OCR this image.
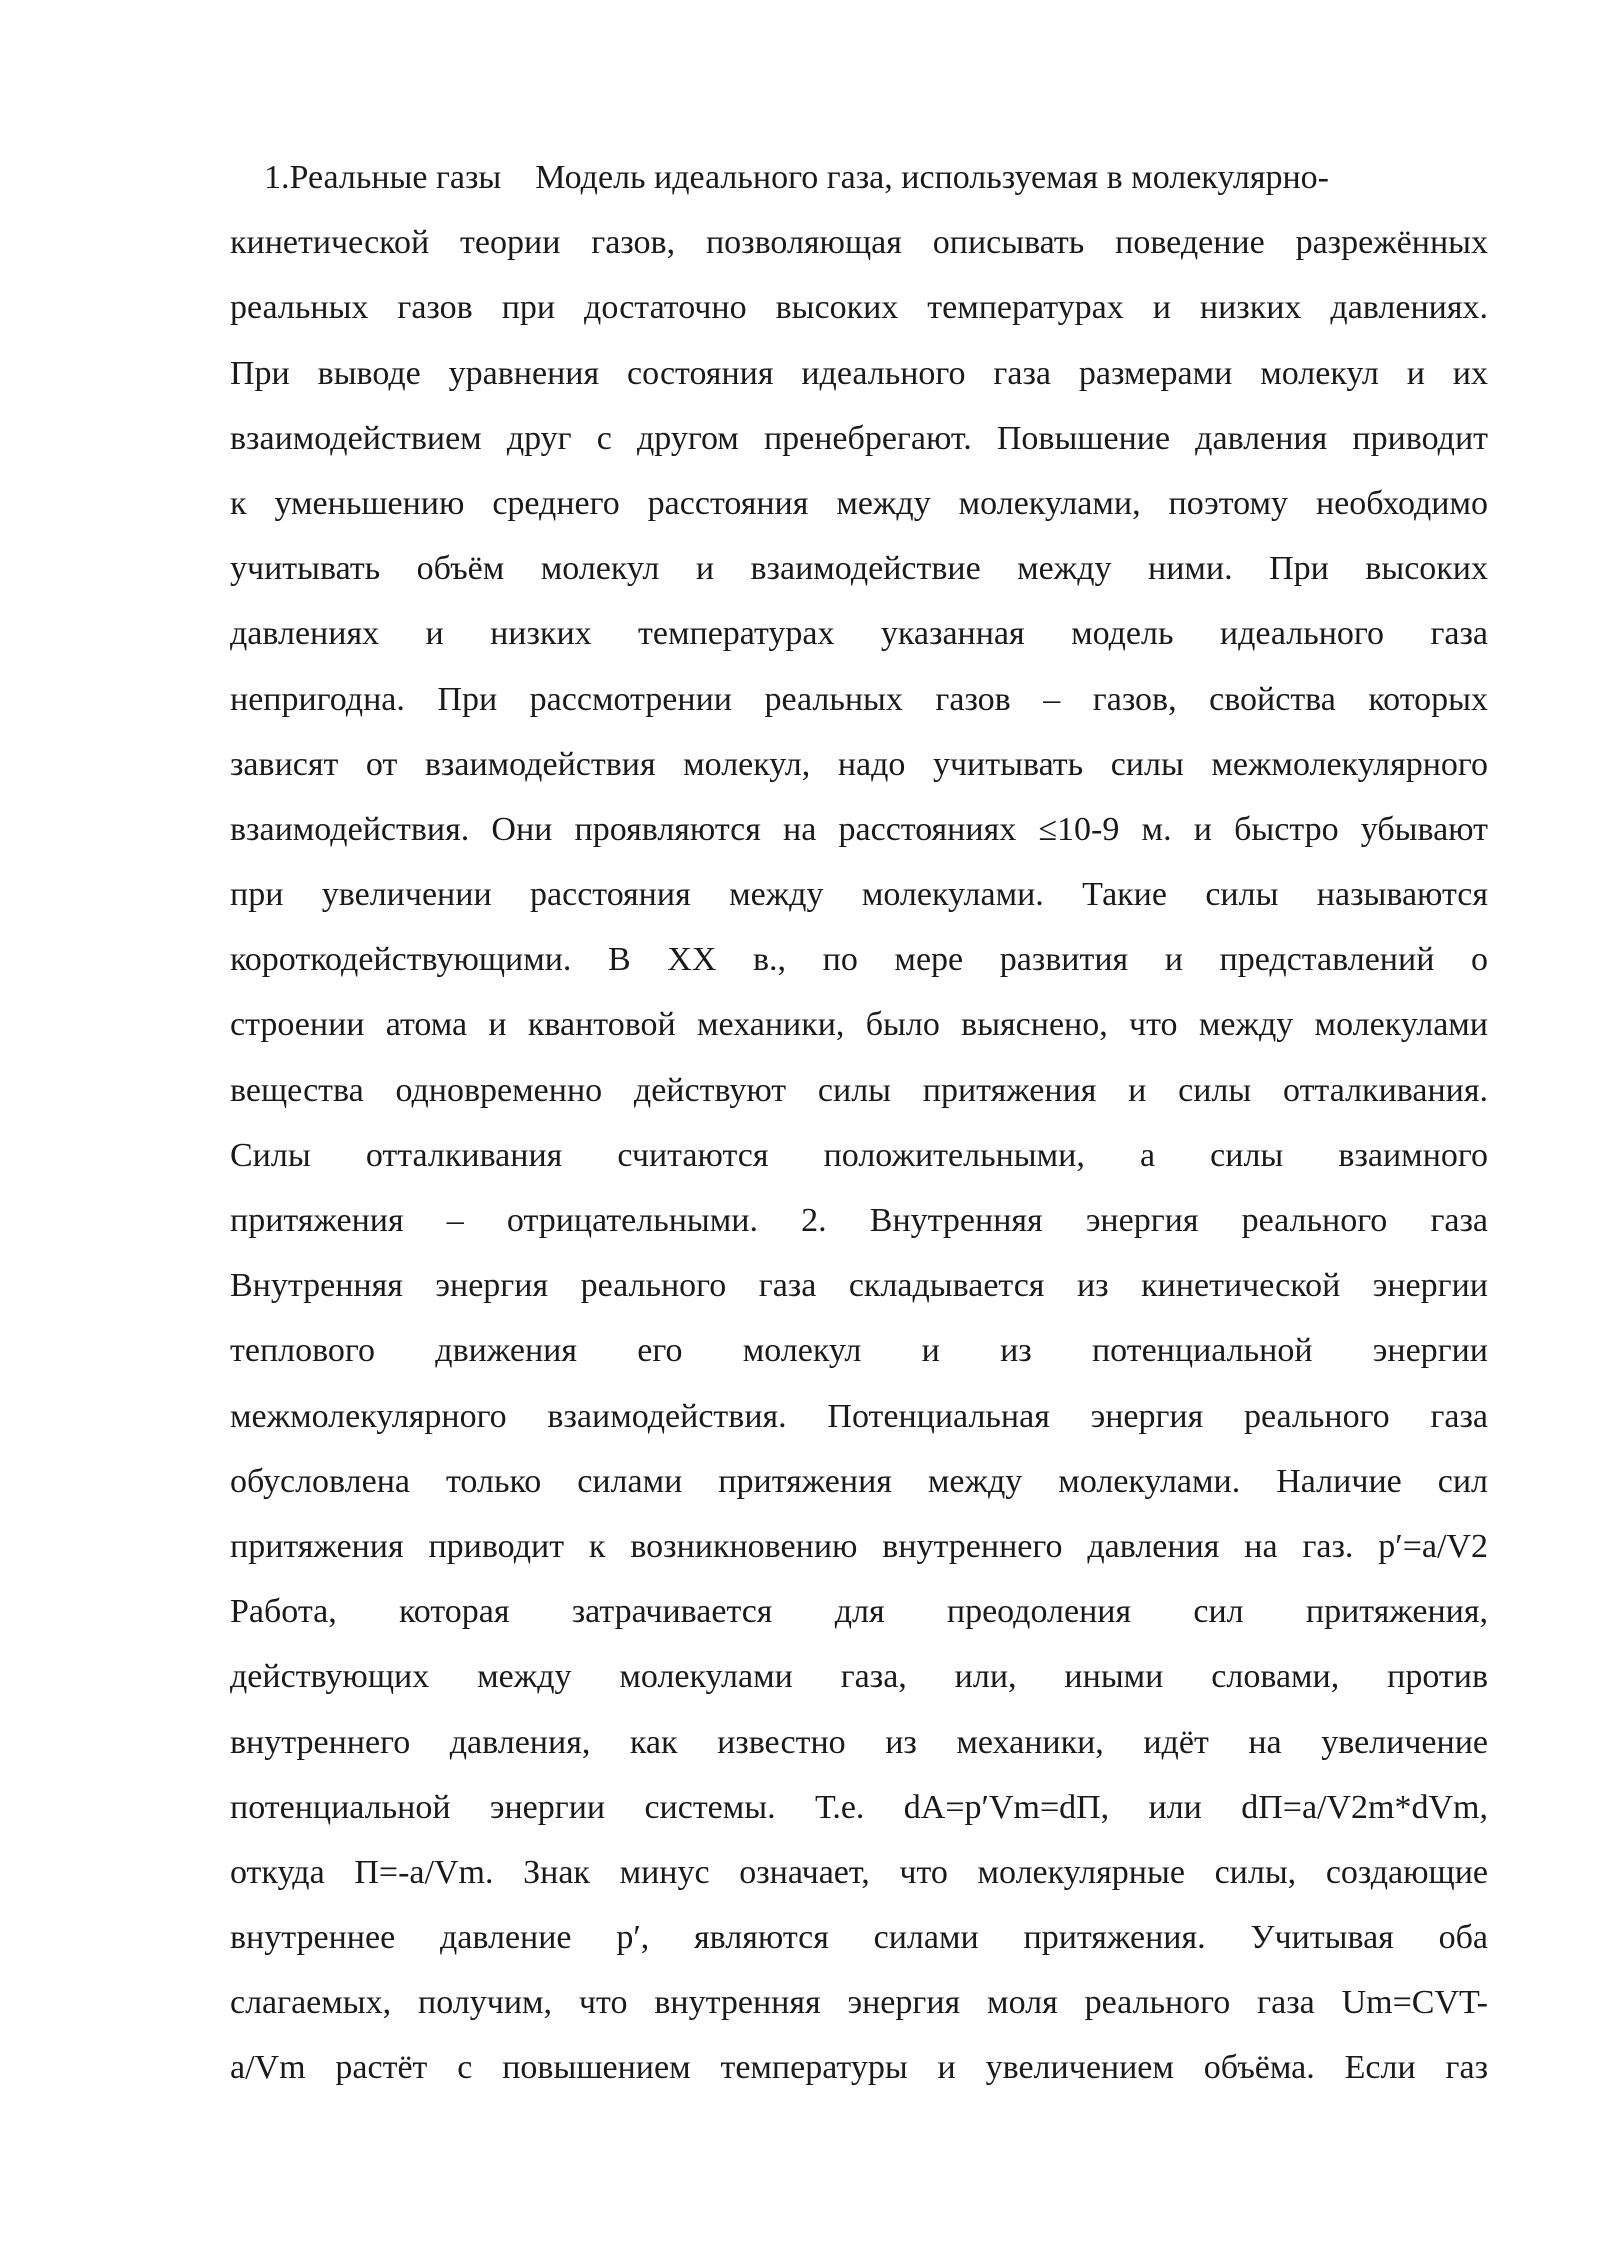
1.Реальные газы    Модель идеального газа, используемая в молекулярно-
кинетической теории газов, позволяющая описывать поведение разрежённых
реальных газов при достаточно высоких температурах и низких давлениях.
При выводе уравнения состояния идеального газа размерами молекул и их
взаимодействием друг с другом пренебрегают. Повышение давления приводит
к уменьшению среднего расстояния между молекулами, поэтому необходимо
учитывать объём молекул и взаимодействие между ними. При высоких
давлениях и низких температурах указанная модель идеального газа
непригодна. При рассмотрении реальных газов – газов, свойства которых
зависят от взаимодействия молекул, надо учитывать силы межмолекулярного
взаимодействия. Они проявляются на расстояниях ≤10-9 м. и быстро убывают
при увеличении расстояния между молекулами. Такие силы называются
короткодействующими. В XX в., по мере развития и представлений о
строении атома и квантовой механики, было выяснено, что между молекулами
вещества одновременно действуют силы притяжения и силы отталкивания.
Силы отталкивания считаются положительными, а силы взаимного
притяжения – отрицательными. 2. Внутренняя энергия реального газа
Внутренняя энергия реального газа складывается из кинетической энергии
теплового движения его молекул и из потенциальной энергии
межмолекулярного взаимодействия. Потенциальная энергия реального газа
обусловлена только силами притяжения между молекулами. Наличие сил
притяжения приводит к возникновению внутреннего давления на газ. p′=a/V2
Работа, которая затрачивается для преодоления сил притяжения,
действующих между молекулами газа, или, иными словами, против
внутреннего давления, как известно из механики, идёт на увеличение
потенциальной энергии системы. Т.е. dA=p′Vm=dП, или dП=a/V2m*dVm,
откуда П=-a/Vm. Знак минус означает, что молекулярные силы, создающие
внутреннее давление p′, являются силами притяжения. Учитывая оба
слагаемых, получим, что внутренняя энергия моля реального газа Um=CVT-
a/Vm растёт с повышением температуры и увеличением объёма. Если газ
